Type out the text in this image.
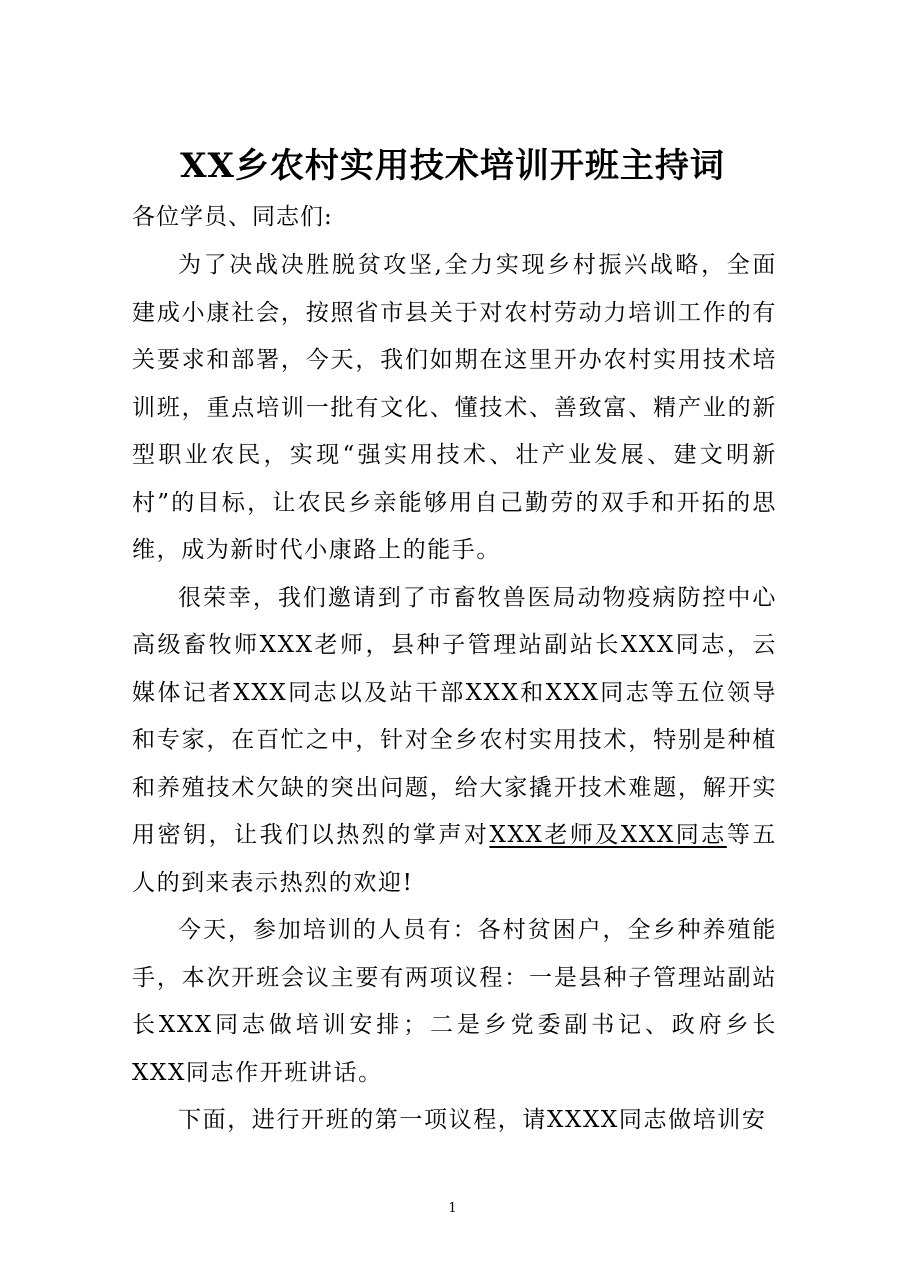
XX乡农村实用技术培训开班主持词
各位学员、同志们:

为了决战决胜脱贫攻坚,全力实现乡村振兴战略，全面建成小康社会，按照省市县关于对农村劳动力培训工作的有关要求和部署，今天，我们如期在这里开办农村实用技术培训班，重点培训一批有文化、懂技术、善致富、精产业的新型职业农民，实现“强实用技术、壮产业发展、建文明新村”的目标，让农民乡亲能够用自己勤劳的双手和开拓的思维，成为新时代小康路上的能手。

很荣幸，我们邀请到了市畜牧兽医局动物疫病防控中心高级畜牧师XXX老师，县种子管理站副站长XXX同志，云媒体记者XXX同志以及站干部XXX和XXX同志等五位领导和专家，在百忙之中，针对全乡农村实用技术，特别是种植和养殖技术欠缺的突出问题，给大家撬开技术难题，解开实用密钥，让我们以热烈的掌声对XXX老师及XXX同志等五人的到来表示热烈的欢迎!

今天，参加培训的人员有：各村贫困户，全乡种养殖能手，本次开班会议主要有两项议程：一是县种子管理站副站长XXX同志做培训安排；二是乡党委副书记、政府乡长XXX同志作开班讲话。

下面，进行开班的第一项议程，请XXXX同志做培训安

1
